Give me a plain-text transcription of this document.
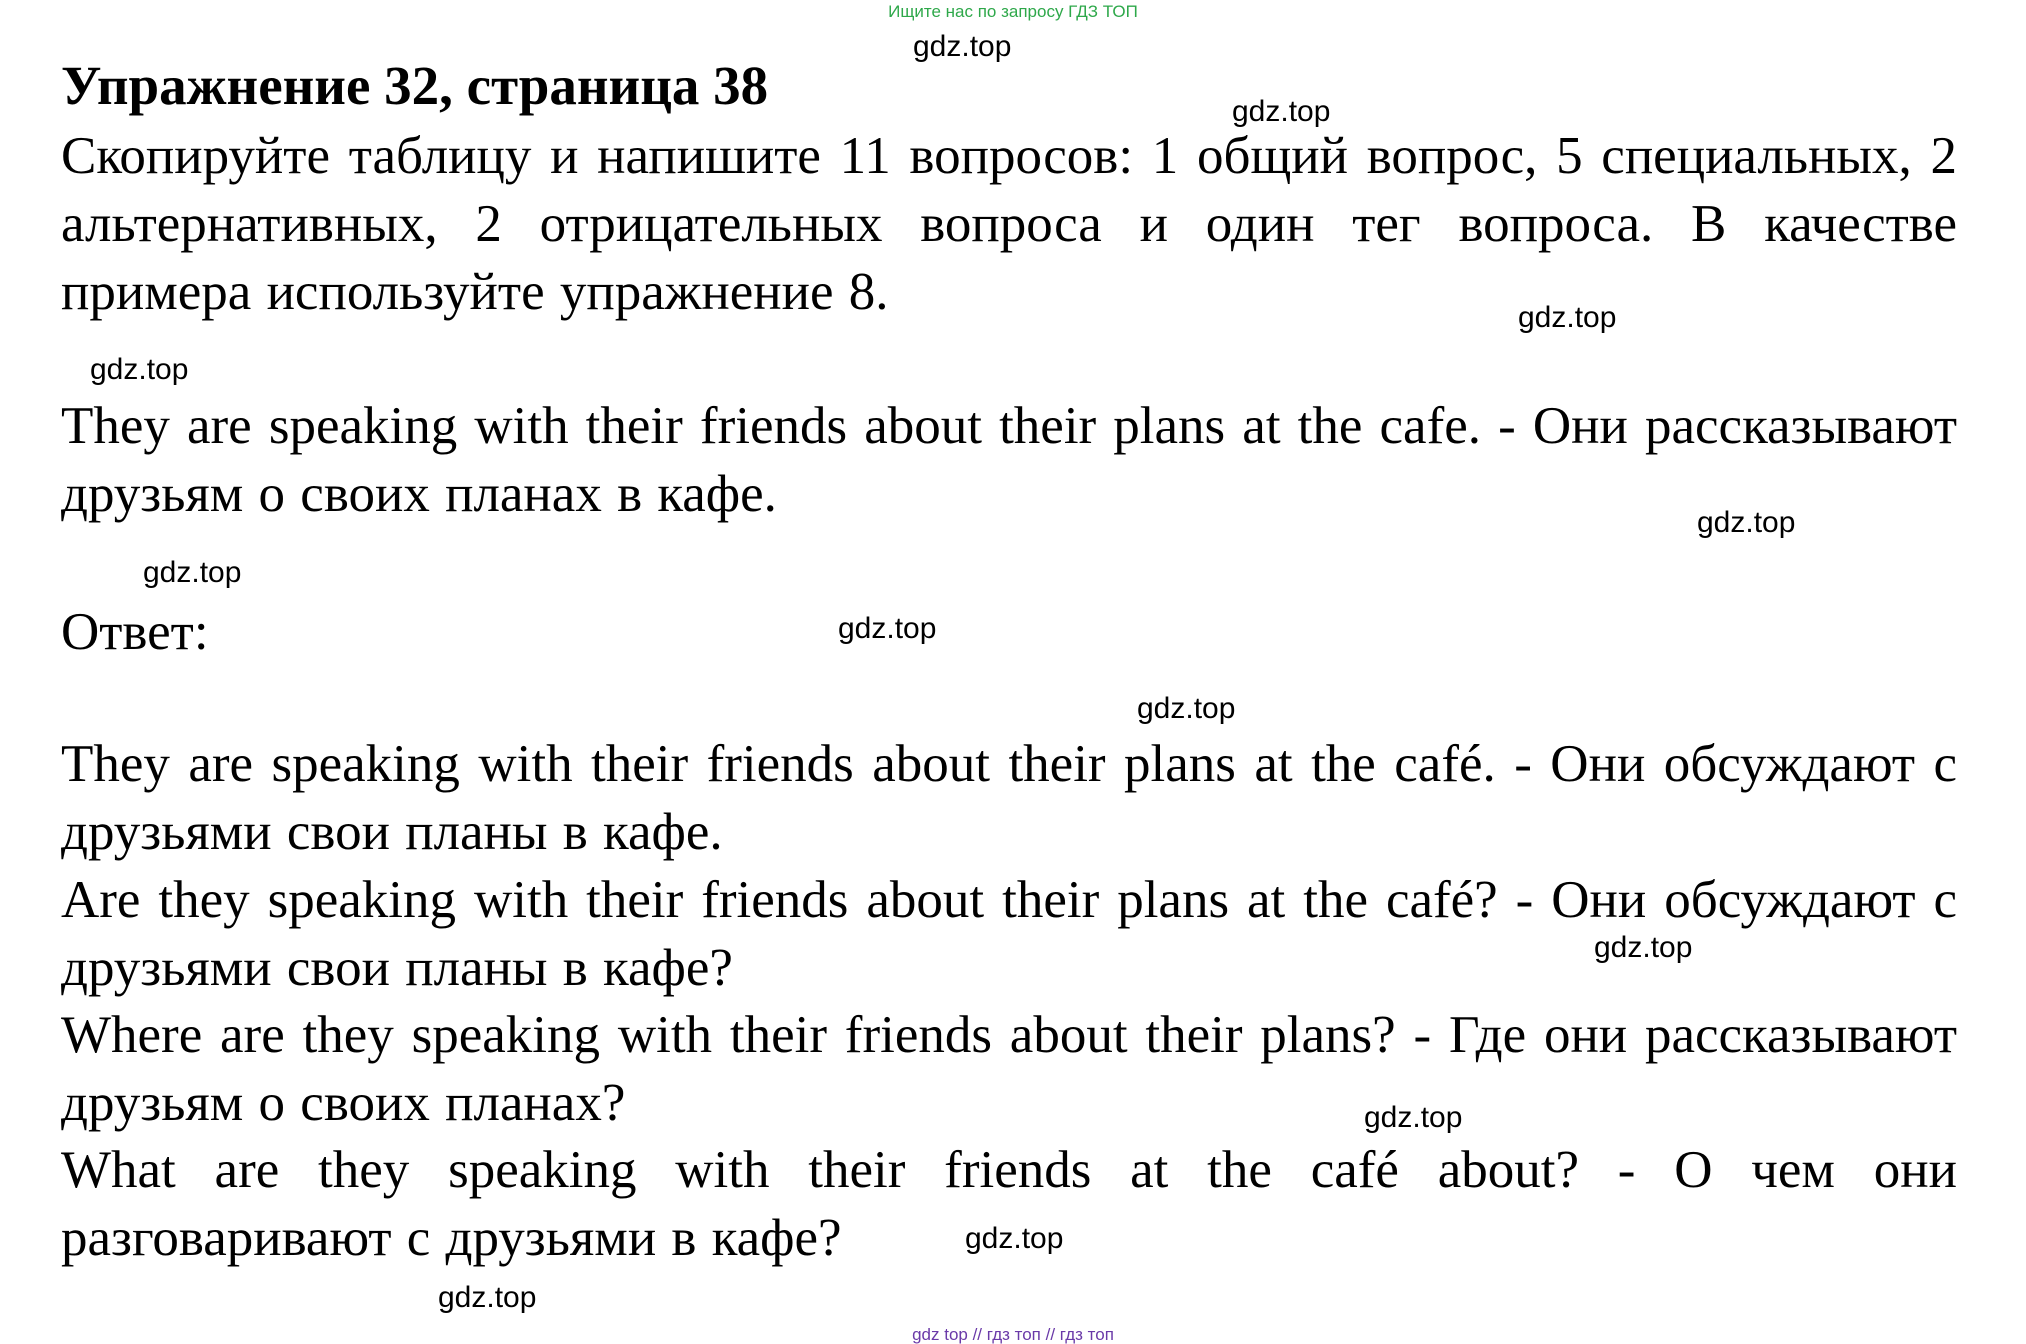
Ищите нас по запросу ГДЗ ТОП
Упражнение 32, страница 38

Скопируйте таблицу и напишите 11 вопросов: 1 общий вопрос, 5 специальных, 2 альтернативных, 2 отрицательных вопроса и один тег вопроса. В качестве примера используйте упражнение 8.

They are speaking with their friends about their plans at the cafe. - Они рассказывают друзьям о своих планах в кафе.

Ответ:

They are speaking with their friends about their plans at the café. - Они обсуждают с друзьями свои планы в кафе.

Are they speaking with their friends about their plans at the café? - Они обсуждают с друзьями свои планы в кафе?

Where are they speaking with their friends about their plans? - Где они рассказывают друзьям о своих планах?

What are they speaking with their friends at the café about? - О чем они разговаривают с друзьями в кафе?

gdz.top
gdz.top
gdz.top
gdz.top
gdz.top
gdz.top
gdz.top
gdz.top
gdz.top
gdz.top
gdz.top
gdz.top
gdz top // гдз топ // гдз топ
